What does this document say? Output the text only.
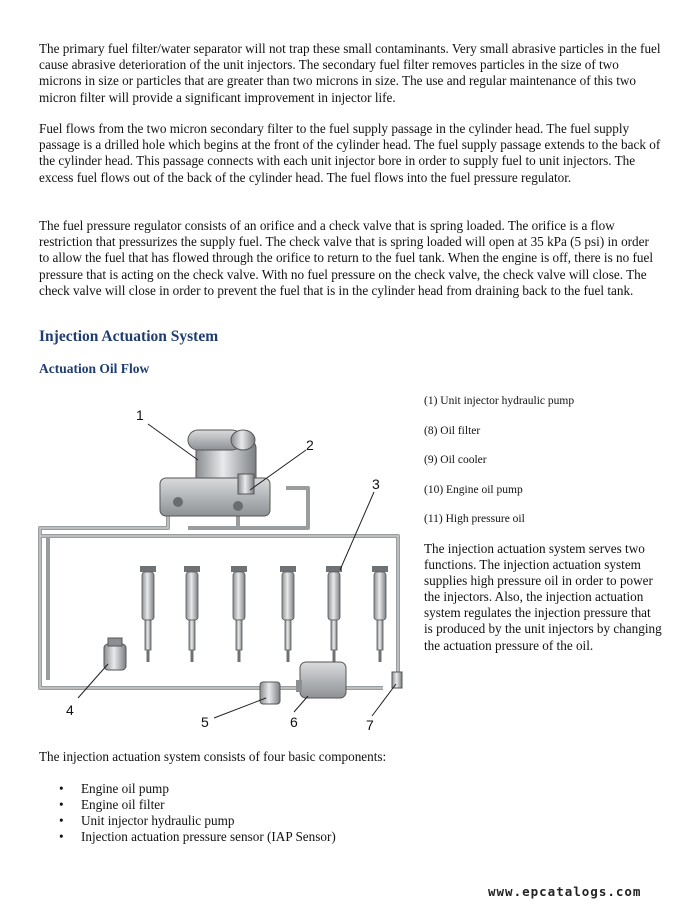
The primary fuel filter/water separator will not trap these small contaminants. Very small abrasive particles in the fuel cause abrasive deterioration of the unit injectors. The secondary fuel filter removes particles in the size of two microns in size or particles that are greater than two microns in size. The use and regular maintenance of this two micron filter will provide a significant improvement in injector life.

Fuel flows from the two micron secondary filter to the fuel supply passage in the cylinder head. The fuel supply passage is a drilled hole which begins at the front of the cylinder head. The fuel supply passage extends to the back of the cylinder head. This passage connects with each unit injector bore in order to supply fuel to unit injectors. The excess fuel flows out of the back of the cylinder head. The fuel flows into the fuel pressure regulator.

The fuel pressure regulator consists of an orifice and a check valve that is spring loaded. The orifice is a flow restriction that pressurizes the supply fuel. The check valve that is spring loaded will open at 35 kPa (5 psi) in order to allow the fuel that has flowed through the orifice to return to the fuel tank. When the engine is off, there is no fuel pressure that is acting on the check valve. With no fuel pressure on the check valve, the check valve will close. The check valve will close in order to prevent the fuel that is in the cylinder head from draining back to the fuel tank.

Injection Actuation System
Actuation Oil Flow
1
2
3
4
5	6	7
(1) Unit injector hydraulic pump
(8) Oil filter
(9) Oil cooler
(10) Engine oil pump
(11) High pressure oil

The injection actuation system serves two functions. The injection actuation system supplies high pressure oil in order to power the injectors. Also, the injection actuation system regulates the injection pressure that is produced by the unit injectors by changing the actuation pressure of the oil.

The injection actuation system consists of four basic components:

• Engine oil pump
• Engine oil filter
• Unit injector hydraulic pump
• Injection actuation pressure sensor (IAP Sensor)
www.epcatalogs.com
